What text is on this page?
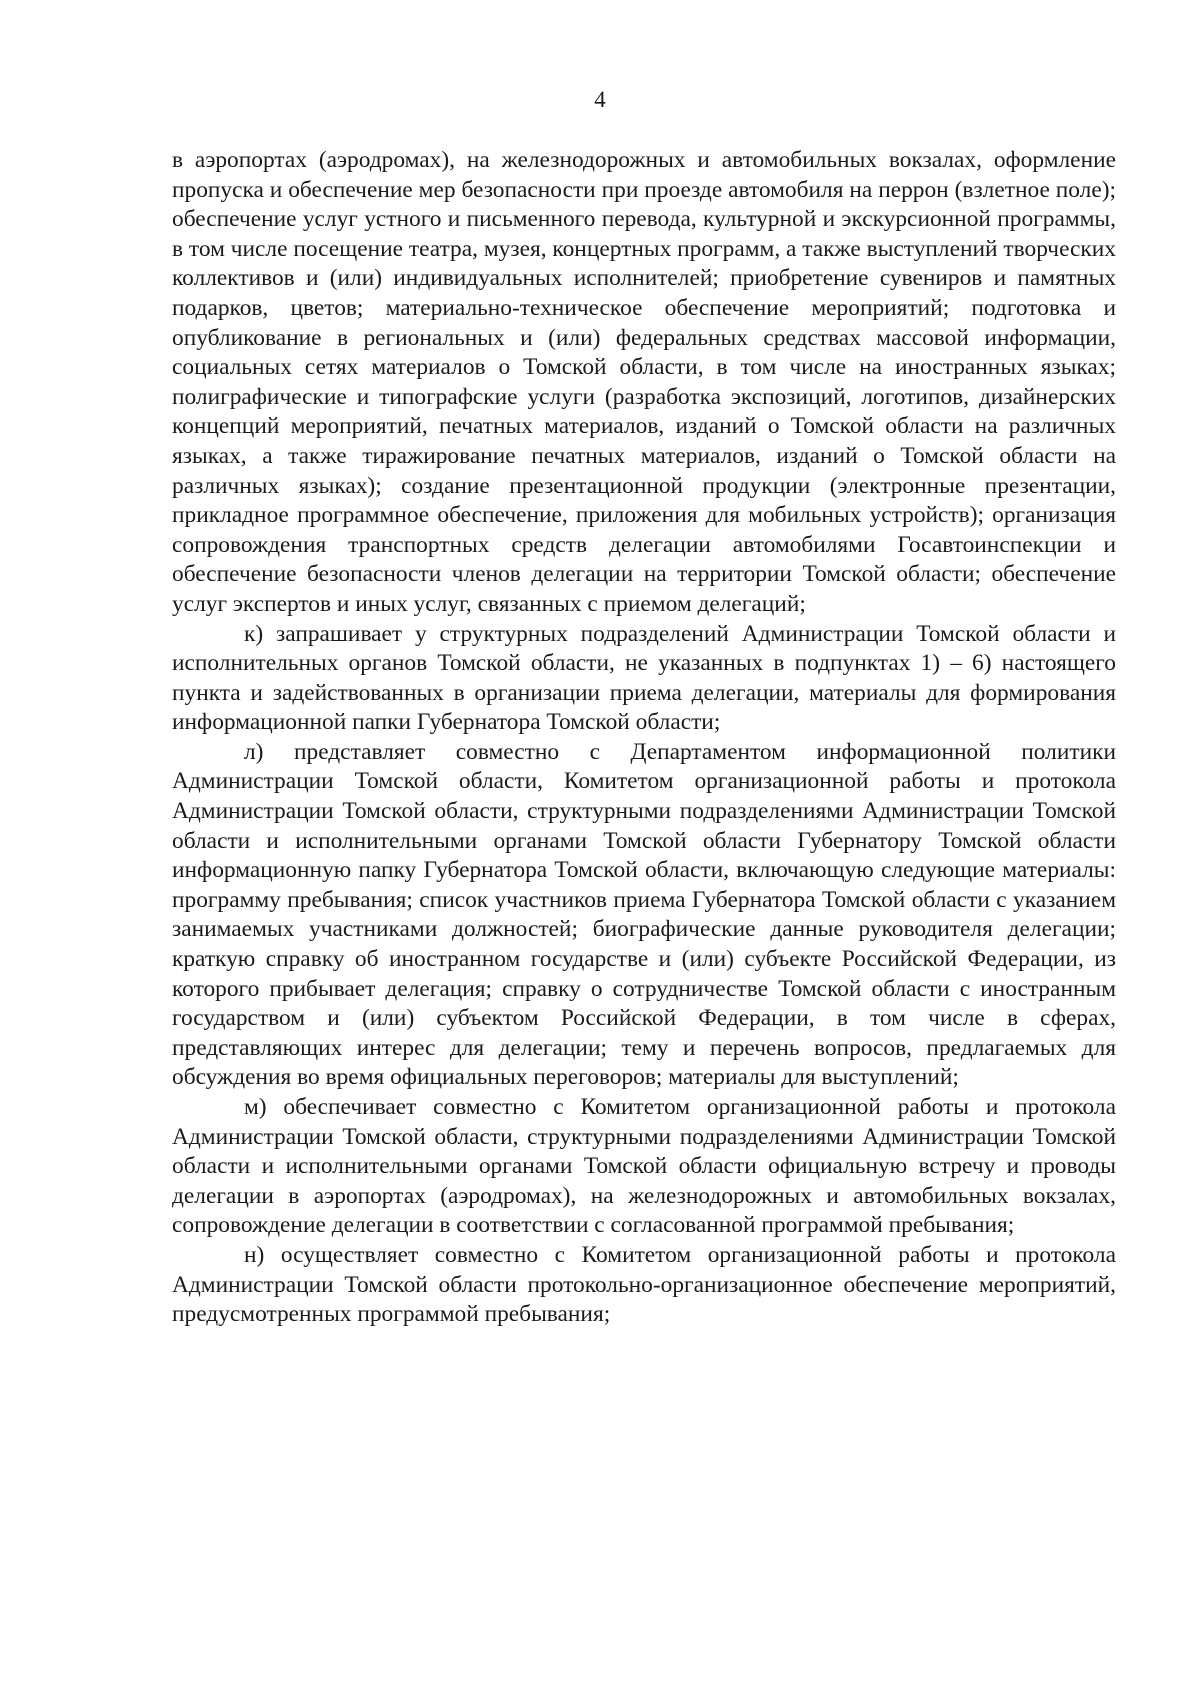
4

в аэропортах (аэродромах), на железнодорожных и автомобильных вокзалах, оформление пропуска и обеспечение мер безопасности при проезде автомобиля на перрон (взлетное поле); обеспечение услуг устного и письменного перевода, культурной и экскурсионной программы, в том числе посещение театра, музея, концертных программ, а также выступлений творческих коллективов и (или) индивидуальных исполнителей; приобретение сувениров и памятных подарков, цветов; материально-техническое обеспечение мероприятий; подготовка и опубликование в региональных и (или) федеральных средствах массовой информации, социальных сетях материалов о Томской области, в том числе на иностранных языках; полиграфические и типографские услуги (разработка экспозиций, логотипов, дизайнерских концепций мероприятий, печатных материалов, изданий о Томской области на различных языках, а также тиражирование печатных материалов, изданий о Томской области на различных языках); создание презентационной продукции (электронные презентации, прикладное программное обеспечение, приложения для мобильных устройств); организация сопровождения транспортных средств делегации автомобилями Госавтоинспекции и обеспечение безопасности членов делегации на территории Томской области; обеспечение услуг экспертов и иных услуг, связанных с приемом делегаций;

к) запрашивает у структурных подразделений Администрации Томской области и исполнительных органов Томской области, не указанных в подпунктах 1) – 6) настоящего пункта и задействованных в организации приема делегации, материалы для формирования информационной папки Губернатора Томской области;

л) представляет совместно с Департаментом информационной политики Администрации Томской области, Комитетом организационной работы и протокола Администрации Томской области, структурными подразделениями Администрации Томской области и исполнительными органами Томской области Губернатору Томской области информационную папку Губернатора Томской области, включающую следующие материалы: программу пребывания; список участников приема Губернатора Томской области с указанием занимаемых участниками должностей; биографические данные руководителя делегации; краткую справку об иностранном государстве и (или) субъекте Российской Федерации, из которого прибывает делегация; справку о сотрудничестве Томской области с иностранным государством и (или) субъектом Российской Федерации, в том числе в сферах, представляющих интерес для делегации; тему и перечень вопросов, предлагаемых для обсуждения во время официальных переговоров; материалы для выступлений;

м) обеспечивает совместно с Комитетом организационной работы и протокола Администрации Томской области, структурными подразделениями Администрации Томской области и исполнительными органами Томской области официальную встречу и проводы делегации в аэропортах (аэродромах), на железнодорожных и автомобильных вокзалах, сопровождение делегации в соответствии с согласованной программой пребывания;

н) осуществляет совместно с Комитетом организационной работы и протокола Администрации Томской области протокольно-организационное обеспечение мероприятий, предусмотренных программой пребывания;
